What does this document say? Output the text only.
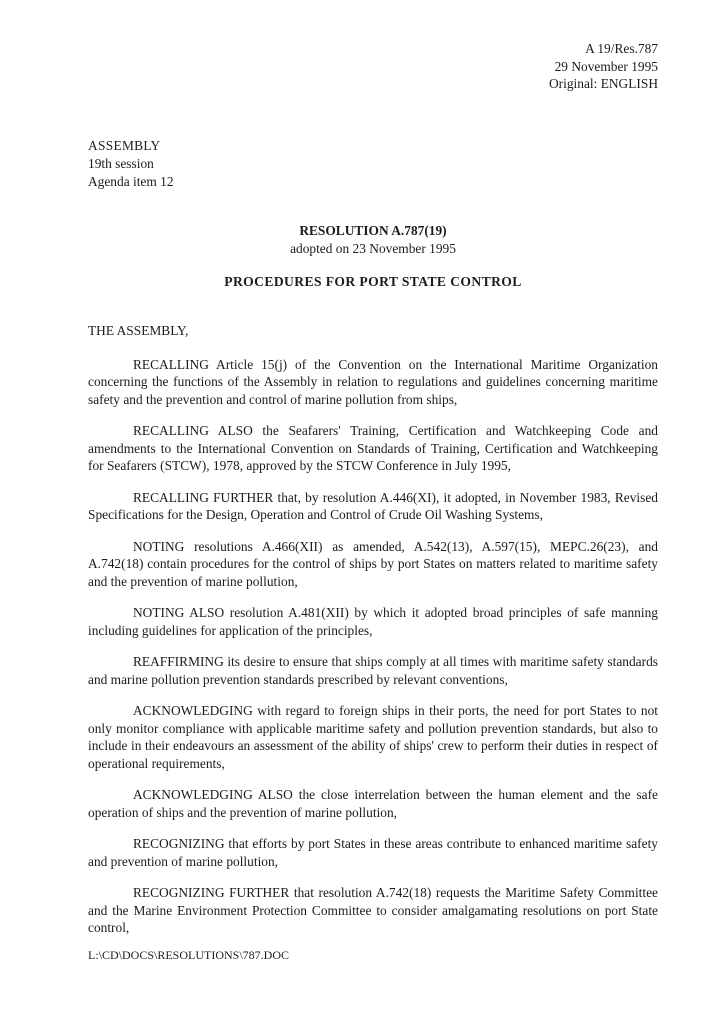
A 19/Res.787
29 November 1995
Original: ENGLISH
ASSEMBLY
19th session
Agenda item 12
RESOLUTION A.787(19)
adopted on 23 November 1995
PROCEDURES FOR PORT STATE CONTROL
THE ASSEMBLY,

RECALLING Article 15(j) of the Convention on the International Maritime Organization concerning the functions of the Assembly in relation to regulations and guidelines concerning maritime safety and the prevention and control of marine pollution from ships,

RECALLING ALSO the Seafarers' Training, Certification and Watchkeeping Code and amendments to the International Convention on Standards of Training, Certification and Watchkeeping for Seafarers (STCW), 1978, approved by the STCW Conference in July 1995,

RECALLING FURTHER that, by resolution A.446(XI), it adopted, in November 1983, Revised Specifications for the Design, Operation and Control of Crude Oil Washing Systems,

NOTING resolutions A.466(XII) as amended, A.542(13), A.597(15), MEPC.26(23), and A.742(18) contain procedures for the control of ships by port States on matters related to maritime safety and the prevention of marine pollution,

NOTING ALSO resolution A.481(XII) by which it adopted broad principles of safe manning including guidelines for application of the principles,

REAFFIRMING its desire to ensure that ships comply at all times with maritime safety standards and marine pollution prevention standards prescribed by relevant conventions,

ACKNOWLEDGING with regard to foreign ships in their ports, the need for port States to not only monitor compliance with applicable maritime safety and pollution prevention standards, but also to include in their endeavours an assessment of the ability of ships' crew to perform their duties in respect of operational requirements,

ACKNOWLEDGING ALSO the close interrelation between the human element and the safe operation of ships and the prevention of marine pollution,

RECOGNIZING that efforts by port States in these areas contribute to enhanced maritime safety and prevention of marine pollution,

RECOGNIZING FURTHER that resolution A.742(18) requests the Maritime Safety Committee and the Marine Environment Protection Committee to consider amalgamating resolutions on port State control,

L:\CD\DOCS\RESOLUTIONS\787.DOC
